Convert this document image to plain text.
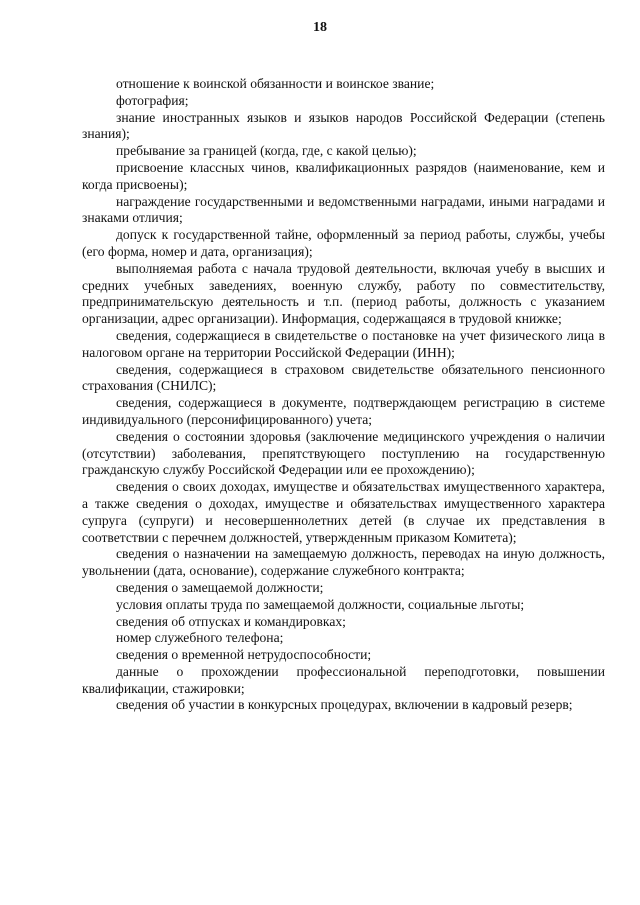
18

отношение к воинской обязанности и воинское звание;

фотография;

знание иностранных языков и языков народов Российской Федерации (степень знания);

пребывание за границей (когда, где, с какой целью);

присвоение классных чинов, квалификационных разрядов (наименование, кем и когда присвоены);

награждение государственными и ведомственными наградами, иными наградами и знаками отличия;

допуск к государственной тайне, оформленный за период работы, службы, учебы (его форма, номер и дата, организация);

выполняемая работа с начала трудовой деятельности, включая учебу в высших и средних учебных заведениях, военную службу, работу по совместительству, предпринимательскую деятельность и т.п. (период работы, должность с указанием организации, адрес организации). Информация, содержащаяся в трудовой книжке;

сведения, содержащиеся в свидетельстве о постановке на учет физического лица в налоговом органе на территории Российской Федерации (ИНН);

сведения, содержащиеся в страховом свидетельстве обязательного пенсионного страхования (СНИЛС);

сведения, содержащиеся в документе, подтверждающем регистрацию в системе индивидуального (персонифицированного) учета;

сведения о состоянии здоровья (заключение медицинского учреждения о наличии (отсутствии) заболевания, препятствующего поступлению на государственную гражданскую службу Российской Федерации или ее прохождению);

сведения о своих доходах, имуществе и обязательствах имущественного характера, а также сведения о доходах, имуществе и обязательствах имущественного характера супруга (супруги) и несовершеннолетних детей (в случае их представления в соответствии с перечнем должностей, утвержденным приказом Комитета);

сведения о назначении на замещаемую должность, переводах на иную должность, увольнении (дата, основание), содержание служебного контракта;

сведения о замещаемой должности;

условия оплаты труда по замещаемой должности, социальные льготы;

сведения об отпусках и командировках;

номер служебного телефона;

сведения о временной нетрудоспособности;

данные о прохождении профессиональной переподготовки, повышении квалификации, стажировки;

сведения об участии в конкурсных процедурах, включении в кадровый резерв;
